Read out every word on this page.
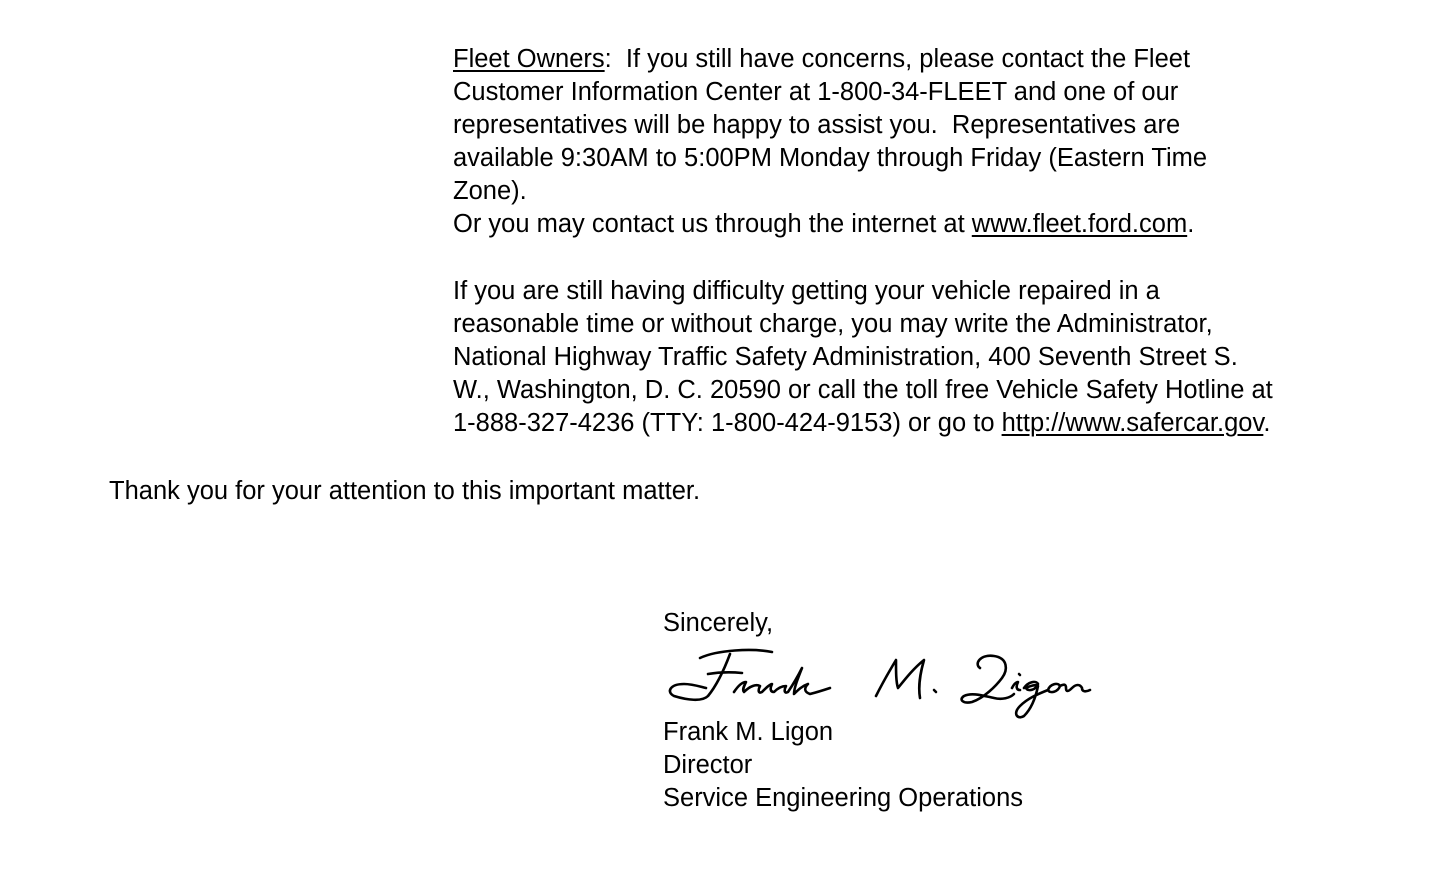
Fleet Owners:  If you still have concerns, please contact the Fleet
Customer Information Center at 1-800-34-FLEET and one of our
representatives will be happy to assist you.  Representatives are
available 9:30AM to 5:00PM Monday through Friday (Eastern Time
Zone).
Or you may contact us through the internet at www.fleet.ford.com.

If you are still having difficulty getting your vehicle repaired in a
reasonable time or without charge, you may write the Administrator,
National Highway Traffic Safety Administration, 400 Seventh Street S.
W., Washington, D. C. 20590 or call the toll free Vehicle Safety Hotline at
1-888-327-4236 (TTY: 1-800-424-9153) or go to http://www.safercar.gov.

Thank you for your attention to this important matter.

Sincerely,

Frank M. Ligon
Director
Service Engineering Operations
